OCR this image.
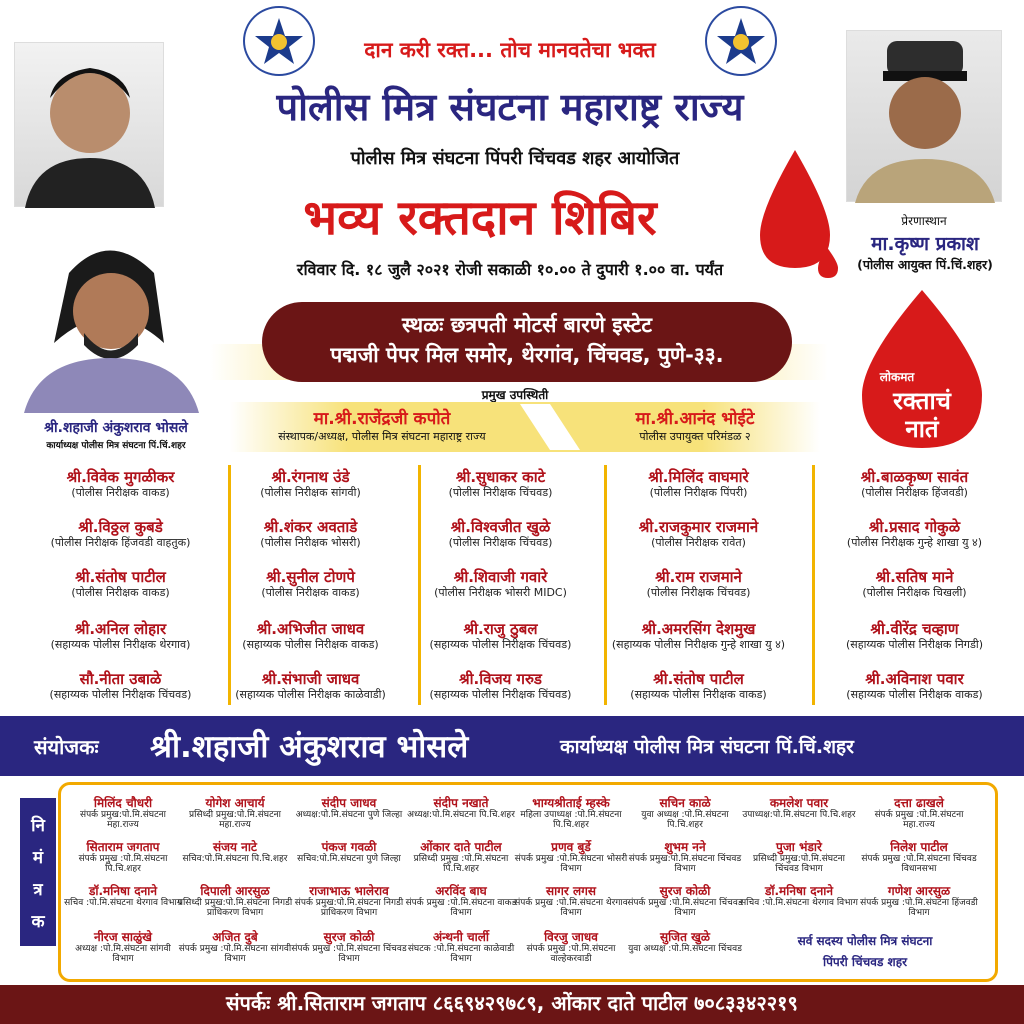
दान करी रक्त... तोच मानवतेचा भक्त
पोलीस मित्र संघटना महाराष्ट्र राज्य
पोलीस मित्र संघटना पिंपरी चिंचवड शहर आयोजित
भव्य रक्तदान शिबिर
रविवार दि. १८ जुलै २०२१ रोजी सकाळी १०.०० ते दुपारी १.०० वा. पर्यंत
प्रेरणास्थान
मा.कृष्ण प्रकाश
(पोलीस आयुक्त पिं.चिं.शहर)
श्री.शहाजी अंकुशराव भोसले
कार्याध्यक्ष पोलीस मित्र संघटना पिं.चिं.शहर
स्थळः छत्रपती मोटर्स बारणे इस्टेट
पद्मजी पेपर मिल समोर, थेरगांव, चिंचवड, पुणे-३३.
लोकमत
रक्ताचं
नातं
प्रमुख उपस्थिती
मा.श्री.राजेंद्रजी कपोते
संस्थापक/अध्यक्ष, पोलीस मित्र संघटना महाराष्ट्र राज्य
मा.श्री.आनंद भोईटे
पोलीस उपायुक्त परिमंडळ २
श्री.विवेक मुगळीकर
(पोलीस निरीक्षक वाकड)
श्री.विठ्ठल कुबडे
(पोलीस निरीक्षक हिंजवडी वाहतुक)
श्री.संतोष पाटील
(पोलीस निरीक्षक वाकड)
श्री.अनिल लोहार
(सहाय्यक पोलीस निरीक्षक थेरगाव)
सौ.नीता उबाळे
(सहाय्यक पोलीस निरीक्षक चिंचवड)
श्री.रंगनाथ उंडे
(पोलीस निरीक्षक सांगवी)
श्री.शंकर अवताडे
(पोलीस निरीक्षक भोसरी)
श्री.सुनील टोणपे
(पोलीस निरीक्षक वाकड)
श्री.अभिजीत जाधव
(सहाय्यक पोलीस निरीक्षक वाकड)
श्री.संभाजी जाधव
(सहाय्यक पोलीस निरीक्षक काळेवाडी)
श्री.सुधाकर काटे
(पोलीस निरीक्षक चिंचवड)
श्री.विश्वजीत खुळे
(पोलीस निरीक्षक चिंचवड)
श्री.शिवाजी गवारे
(पोलीस निरीक्षक भोसरी MIDC)
श्री.राजु ठुबल
(सहाय्यक पोलीस निरीक्षक चिंचवड)
श्री.विजय गरुड
(सहाय्यक पोलीस निरीक्षक चिंचवड)
श्री.मिलिंद वाघमारे
(पोलीस निरीक्षक पिंपरी)
श्री.राजकुमार राजमाने
(पोलीस निरीक्षक रावेत)
श्री.राम राजमाने
(पोलीस निरीक्षक चिंचवड)
श्री.अमरसिंग देशमुख
(सहाय्यक पोलीस निरीक्षक गुन्हे शाखा यु ४)
श्री.संतोष पाटील
(सहाय्यक पोलीस निरीक्षक वाकड)
श्री.बाळकृष्ण सावंत
(पोलीस निरीक्षक हिंजवडी)
श्री.प्रसाद गोकुळे
(पोलीस निरीक्षक गुन्हे शाखा यु ४)
श्री.सतिष माने
(पोलीस निरीक्षक चिखली)
श्री.वीरेंद्र चव्हाण
(सहाय्यक पोलीस निरीक्षक निगडी)
श्री.अविनाश पवार
(सहाय्यक पोलीस निरीक्षक वाकड)
संयोजकः श्री.शहाजी अंकुशराव भोसले	कार्याध्यक्ष पोलीस मित्र संघटना पिं.चिं.शहर
नि
मं
त्र
क
मिलिंद चौधरी
संपर्क प्रमुख:पो.मि.संघटना महा.राज्य
सिताराम जगताप
संपर्क प्रमुख :पो.मि.संघटना पि.चि.शहर
डॉ.मनिषा दनाने
सचिव :पो.मि.संघटना थेरगाव विभाग
नीरज साळुंखे
अध्यक्ष :पो.मि.संघटना सांगवी विभाग
योगेश आचार्य
प्रसिध्दी प्रमुख:पो.मि.संघटना महा.राज्य
संजय नाटे
सचिव:पो.मि.संघटना पि.चि.शहर
दिपाली आरसुळ
प्रसिध्दी प्रमुख:पो.मि.संघटना निगडी प्राधिकरण विभाग
अजित दुबे
संपर्क प्रमुख :पो.मि.संघटना सांगवी विभाग
संदीप जाधव
अध्यक्ष:पो.मि.संघटना पुणे जिल्हा
पंकज गवळी
सचिव:पो.मि.संघटना पुणे जिल्हा
राजाभाऊ भालेराव
संपर्क प्रमुख:पो.मि.संघटना निगडी प्राधिकरण विभाग
सुरज कोळी
संपर्क प्रमुख :पो.मि.संघटना चिंचवड विभाग
संदीप नखाते
अध्यक्ष:पो.मि.संघटना पि.चि.शहर
ओंकार दाते पाटील
प्रसिध्दी प्रमुख :पो.मि.संघटना पि.चि.शहर
अरविंद बाघ
संपर्क प्रमुख :पो.मि.संघटना वाकड विभाग
अंन्थनी चार्ली
संघटक :पो.मि.संघटना काळेवाडी विभाग
भाग्यश्रीताई म्हस्के
महिला उपाध्यक्ष :पो.मि.संघटना पि.चि.शहर
प्रणव बुर्डे
संपर्क प्रमुख :पो.मि.संघटना भोसरी विभाग
सागर लगस
संपर्क प्रमुख :पो.मि.संघटना थेरगाव विभाग
विरजु जाधव
संपर्क प्रमुख :पो.मि.संघटना वाल्हेकरवाडी
सचिन काळे
युवा अध्यक्ष :पो.मि.संघटना पि.चि.शहर
शुभम नने
संपर्क प्रमुख:पो.मि.संघटना चिंचवड विभाग
सुरज कोळी
संपर्क प्रमुख :पो.मि.संघटना चिंचवड विभाग
सुजित खुळे
युवा अध्यक्ष :पो.मि.संघटना चिंचवड
कमलेश पवार
उपाध्यक्ष:पो.मि.संघटना पि.चि.शहर
पुजा भंडारे
प्रसिध्दी प्रमुख:पो.मि.संघटना चिंचवड विभाग
डॉ.मनिषा दनाने
सचिव :पो.मि.संघटना थेरगाव विभाग
दत्ता ढाखले
संपर्क प्रमुख :पो.मि.संघटना महा.राज्य
निलेश पाटील
संपर्क प्रमुख :पो.मि.संघटना चिंचवड विधानसभा
गणेश आरसुळ
संपर्क प्रमुख :पो.मि.संघटना हिंजवडी विभाग
सर्व सदस्य पोलीस मित्र संघटना
पिंपरी चिंचवड शहर
संपर्कः श्री.सिताराम जगताप ८६६९४२९७८९, ओंकार दाते पाटील ७०८३३४२२१९
